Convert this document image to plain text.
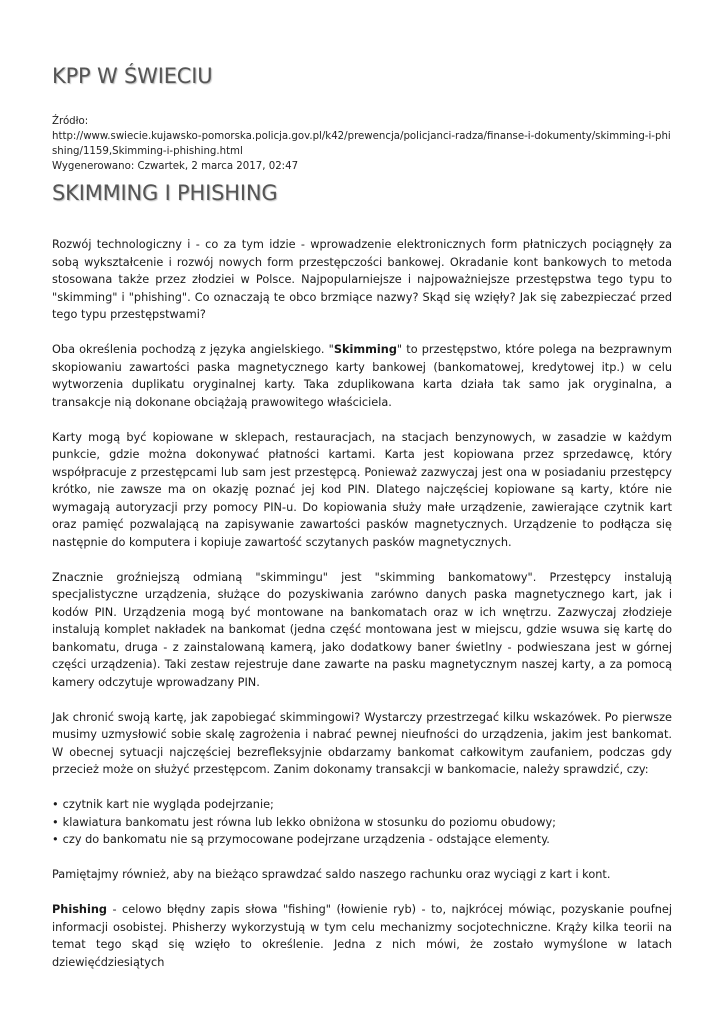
KPP W ŚWIECIU
Źródło:
http://www.swiecie.kujawsko-pomorska.policja.gov.pl/k42/prewencja/policjanci-radza/finanse-i-dokumenty/skimming-i-phishing/1159,Skimming-i-phishing.html
Wygenerowano: Czwartek, 2 marca 2017, 02:47
SKIMMING I PHISHING

Rozwój technologiczny i - co za tym idzie - wprowadzenie elektronicznych form płatniczych pociągnęły za sobą wykształcenie i rozwój nowych form przestępczości bankowej. Okradanie kont bankowych to metoda stosowana także przez złodziei w Polsce. Najpopularniejsze i najpoważniejsze przestępstwa tego typu to "skimming" i "phishing". Co oznaczają te obco brzmiące nazwy? Skąd się wzięły? Jak się zabezpieczać przed tego typu przestępstwami?

Oba określenia pochodzą z języka angielskiego. "Skimming" to przestępstwo, które polega na bezprawnym skopiowaniu zawartości paska magnetycznego karty bankowej (bankomatowej, kredytowej itp.) w celu wytworzenia duplikatu oryginalnej karty. Taka zduplikowana karta działa tak samo jak oryginalna, a transakcje nią dokonane obciążają prawowitego właściciela.

Karty mogą być kopiowane w sklepach, restauracjach, na stacjach benzynowych, w zasadzie w każdym punkcie, gdzie można dokonywać płatności kartami. Karta jest kopiowana przez sprzedawcę, który współpracuje z przestępcami lub sam jest przestępcą. Ponieważ zazwyczaj jest ona w posiadaniu przestępcy krótko, nie zawsze ma on okazję poznać jej kod PIN. Dlatego najczęściej kopiowane są karty, które nie wymagają autoryzacji przy pomocy PIN-u. Do kopiowania służy małe urządzenie, zawierające czytnik kart oraz pamięć pozwalającą na zapisywanie zawartości pasków magnetycznych. Urządzenie to podłącza się następnie do komputera i kopiuje zawartość sczytanych pasków magnetycznych.

Znacznie groźniejszą odmianą "skimmingu" jest "skimming bankomatowy". Przestępcy instalują specjalistyczne urządzenia, służące do pozyskiwania zarówno danych paska magnetycznego kart, jak i kodów PIN. Urządzenia mogą być montowane na bankomatach oraz w ich wnętrzu. Zazwyczaj złodzieje instalują komplet nakładek na bankomat (jedna część montowana jest w miejscu, gdzie wsuwa się kartę do bankomatu, druga - z zainstalowaną kamerą, jako dodatkowy baner świetlny - podwieszana jest w górnej części urządzenia). Taki zestaw rejestruje dane zawarte na pasku magnetycznym naszej karty, a za pomocą kamery odczytuje wprowadzany PIN.

Jak chronić swoją kartę, jak zapobiegać skimmingowi? Wystarczy przestrzegać kilku wskazówek. Po pierwsze musimy uzmysłowić sobie skalę zagrożenia i nabrać pewnej nieufności do urządzenia, jakim jest bankomat. W obecnej sytuacji najczęściej bezrefleksyjnie obdarzamy bankomat całkowitym zaufaniem, podczas gdy przecież może on służyć przestępcom. Zanim dokonamy transakcji w bankomacie, należy sprawdzić, czy:

• czytnik kart nie wygląda podejrzanie;
• klawiatura bankomatu jest równa lub lekko obniżona w stosunku do poziomu obudowy;
• czy do bankomatu nie są przymocowane podejrzane urządzenia - odstające elementy.

Pamiętajmy również, aby na bieżąco sprawdzać saldo naszego rachunku oraz wyciągi z kart i kont.

Phishing - celowo błędny zapis słowa "fishing" (łowienie ryb) - to, najkrócej mówiąc, pozyskanie poufnej informacji osobistej. Phisherzy wykorzystują w tym celu mechanizmy socjotechniczne. Krąży kilka teorii na temat tego skąd się wzięło to określenie. Jedna z nich mówi, że zostało wymyślone w latach dziewięćdziesiątych
